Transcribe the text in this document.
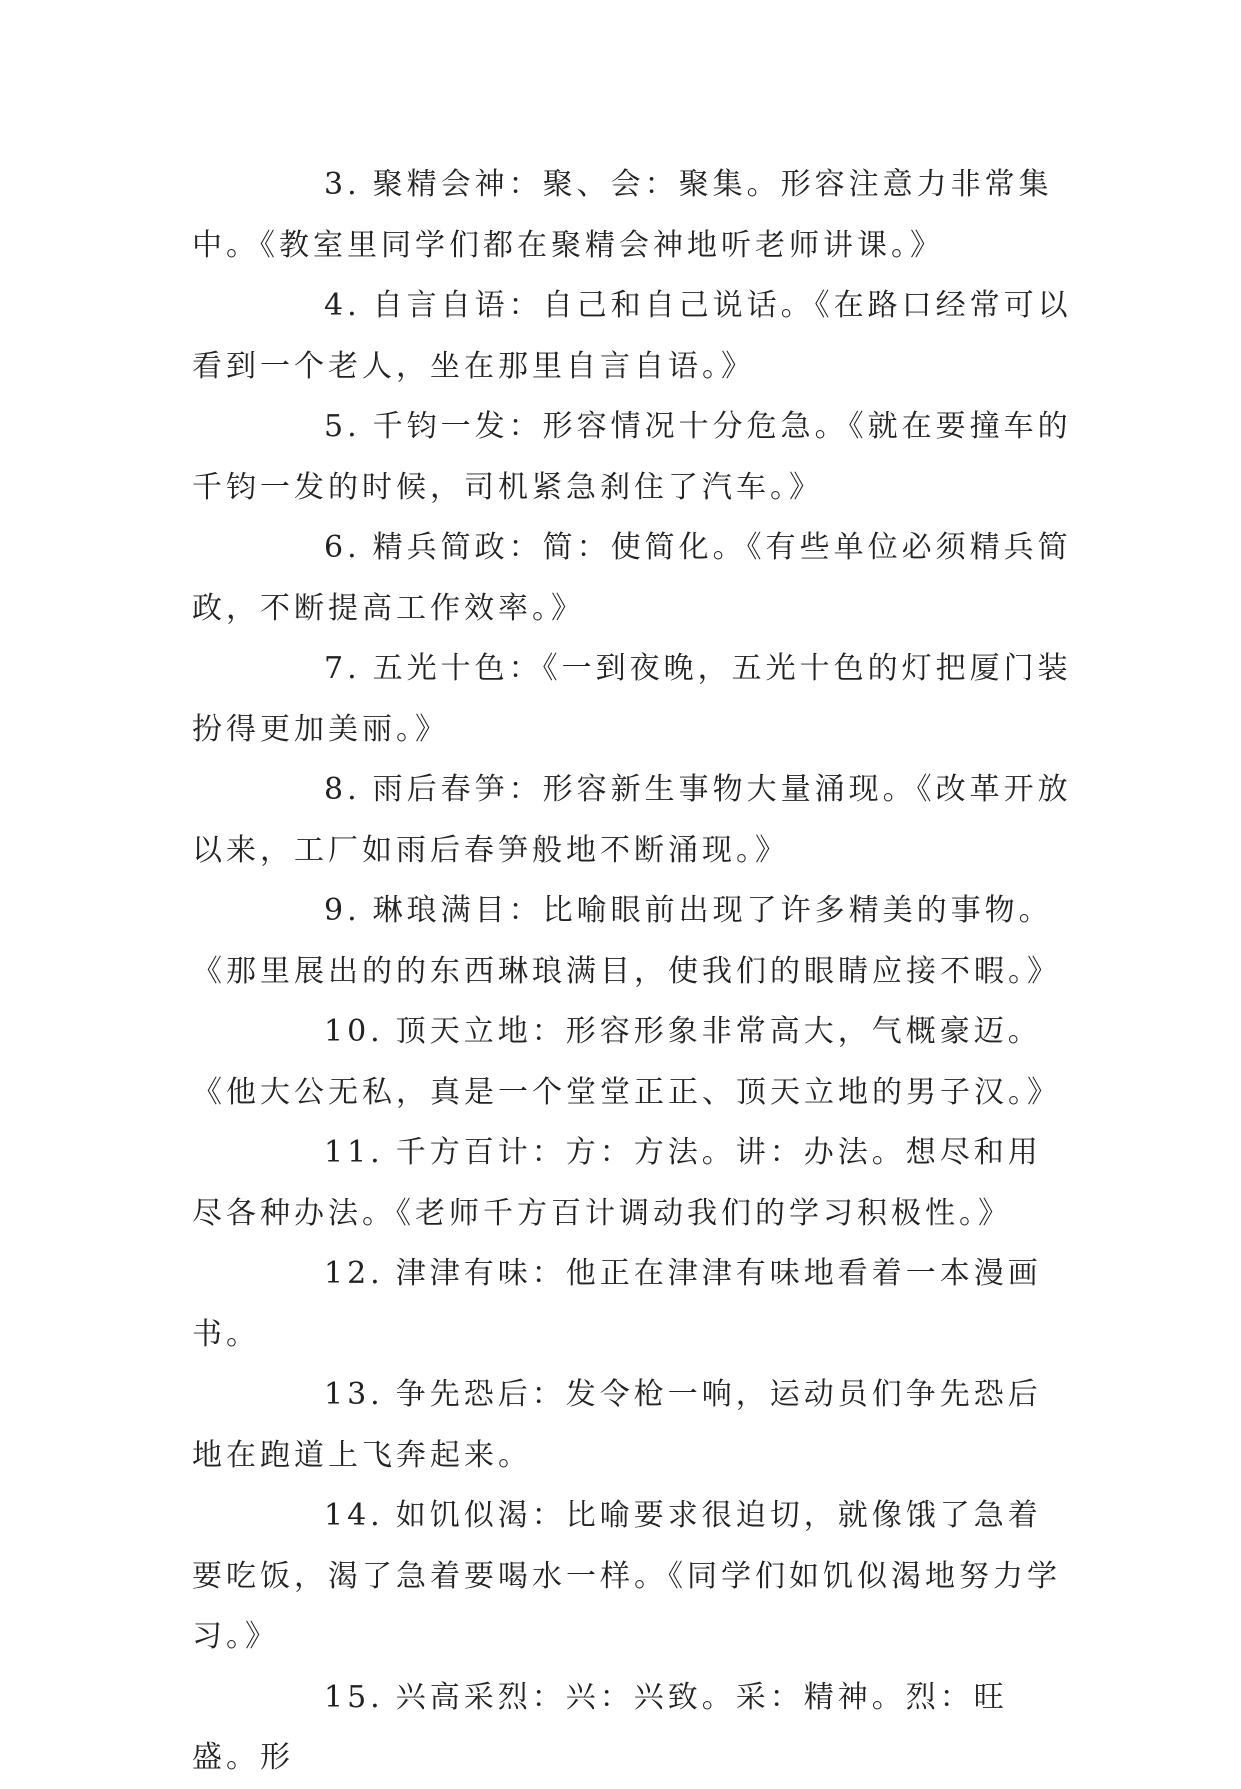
3. 聚精会神：聚、会：聚集。形容注意力非常集中。《教室里同学们都在聚精会神地听老师讲课。》

4. 自言自语：自己和自己说话。《在路口经常可以看到一个老人，坐在那里自言自语。》

5. 千钧一发：形容情况十分危急。《就在要撞车的千钧一发的时候，司机紧急刹住了汽车。》

6. 精兵简政：简：使简化。《有些单位必须精兵简政，不断提高工作效率。》

7. 五光十色：《一到夜晚，五光十色的灯把厦门装扮得更加美丽。》

8. 雨后春笋：形容新生事物大量涌现。《改革开放以来，工厂如雨后春笋般地不断涌现。》

9. 琳琅满目：比喻眼前出现了许多精美的事物。《那里展出的的东西琳琅满目，使我们的眼睛应接不暇。》

10. 顶天立地：形容形象非常高大，气概豪迈。《他大公无私，真是一个堂堂正正、顶天立地的男子汉。》

11. 千方百计：方：方法。讲：办法。想尽和用尽各种办法。《老师千方百计调动我们的学习积极性。》

12. 津津有味：他正在津津有味地看着一本漫画书。

13. 争先恐后：发令枪一响，运动员们争先恐后地在跑道上飞奔起来。

14. 如饥似渴：比喻要求很迫切，就像饿了急着要吃饭，渴了急着要喝水一样。《同学们如饥似渴地努力学习。》

15. 兴高采烈：兴：兴致。采：精神。烈：旺盛。形
